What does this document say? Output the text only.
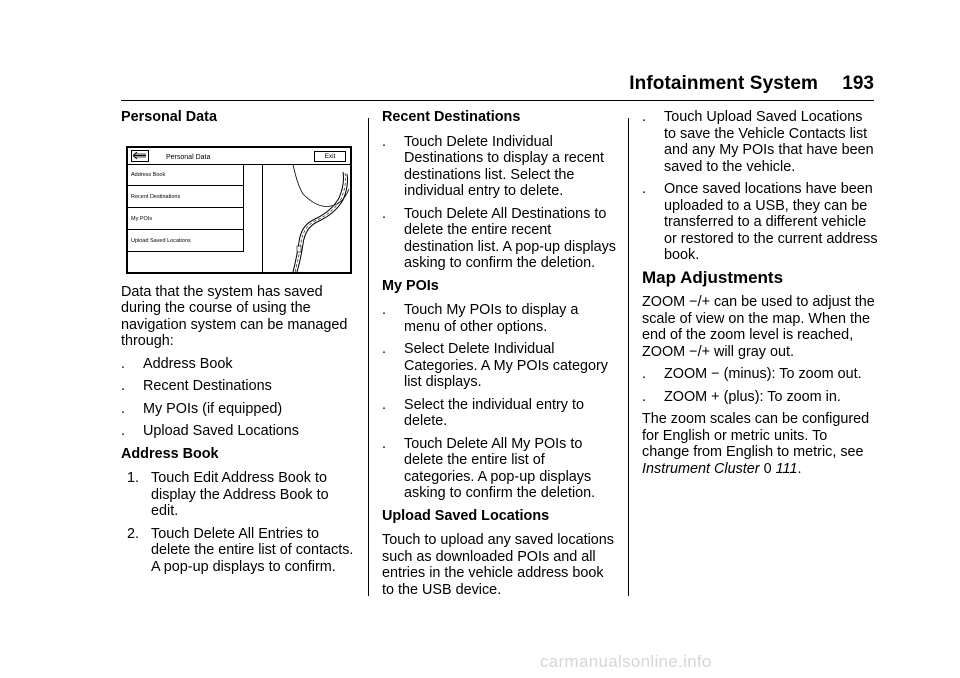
Infotainment System 193
Personal Data
Personal Data	Exit
Address Book
Recent Destinations
My POIs
Upload Saved Locations

Data that the system has saved during the course of using the navigation system can be managed through:

. Address Book
. Recent Destinations
. My POIs (if equipped)
. Upload Saved Locations
Address Book
1. Touch Edit Address Book to display the Address Book to edit.
2. Touch Delete All Entries to delete the entire list of contacts. A pop-up displays to confirm.
Recent Destinations
. Touch Delete Individual Destinations to display a recent destinations list. Select the individual entry to delete.
. Touch Delete All Destinations to delete the entire recent destination list. A pop-up displays asking to confirm the deletion.
My POIs
. Touch My POIs to display a menu of other options.
. Select Delete Individual Categories. A My POIs category list displays.
. Select the individual entry to delete.
. Touch Delete All My POIs to delete the entire list of categories. A pop-up displays asking to confirm the deletion.
Upload Saved Locations

Touch to upload any saved locations such as downloaded POIs and all entries in the vehicle address book to the USB device.

. Touch Upload Saved Locations to save the Vehicle Contacts list and any My POIs that have been saved to the vehicle.
. Once saved locations have been uploaded to a USB, they can be transferred to a different vehicle or restored to the current address book.
Map Adjustments

ZOOM −/+ can be used to adjust the scale of view on the map. When the end of the zoom level is reached, ZOOM −/+ will gray out.

. ZOOM − (minus): To zoom out.
. ZOOM + (plus): To zoom in.

The zoom scales can be configured for English or metric units. To change from English to metric, see Instrument Cluster 0 111.

carmanualsonline.info
